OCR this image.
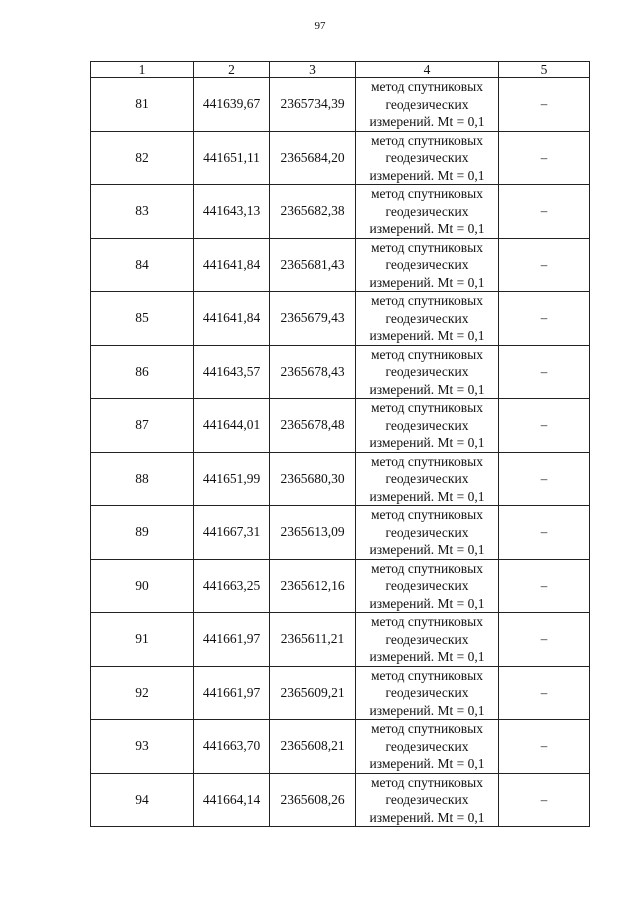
97
1	2	3	4	5
81	441639,67	2365734,39	метод спутниковых
геодезических
измерений. Mt = 0,1	–
82	441651,11	2365684,20	метод спутниковых
геодезических
измерений. Mt = 0,1	–
83	441643,13	2365682,38	метод спутниковых
геодезических
измерений. Mt = 0,1	–
84	441641,84	2365681,43	метод спутниковых
геодезических
измерений. Mt = 0,1	–
85	441641,84	2365679,43	метод спутниковых
геодезических
измерений. Mt = 0,1	–
86	441643,57	2365678,43	метод спутниковых
геодезических
измерений. Mt = 0,1	–
87	441644,01	2365678,48	метод спутниковых
геодезических
измерений. Mt = 0,1	–
88	441651,99	2365680,30	метод спутниковых
геодезических
измерений. Mt = 0,1	–
89	441667,31	2365613,09	метод спутниковых
геодезических
измерений. Mt = 0,1	–
90	441663,25	2365612,16	метод спутниковых
геодезических
измерений. Mt = 0,1	–
91	441661,97	2365611,21	метод спутниковых
геодезических
измерений. Mt = 0,1	–
92	441661,97	2365609,21	метод спутниковых
геодезических
измерений. Mt = 0,1	–
93	441663,70	2365608,21	метод спутниковых
геодезических
измерений. Mt = 0,1	–
94	441664,14	2365608,26	метод спутниковых
геодезических
измерений. Mt = 0,1	–
